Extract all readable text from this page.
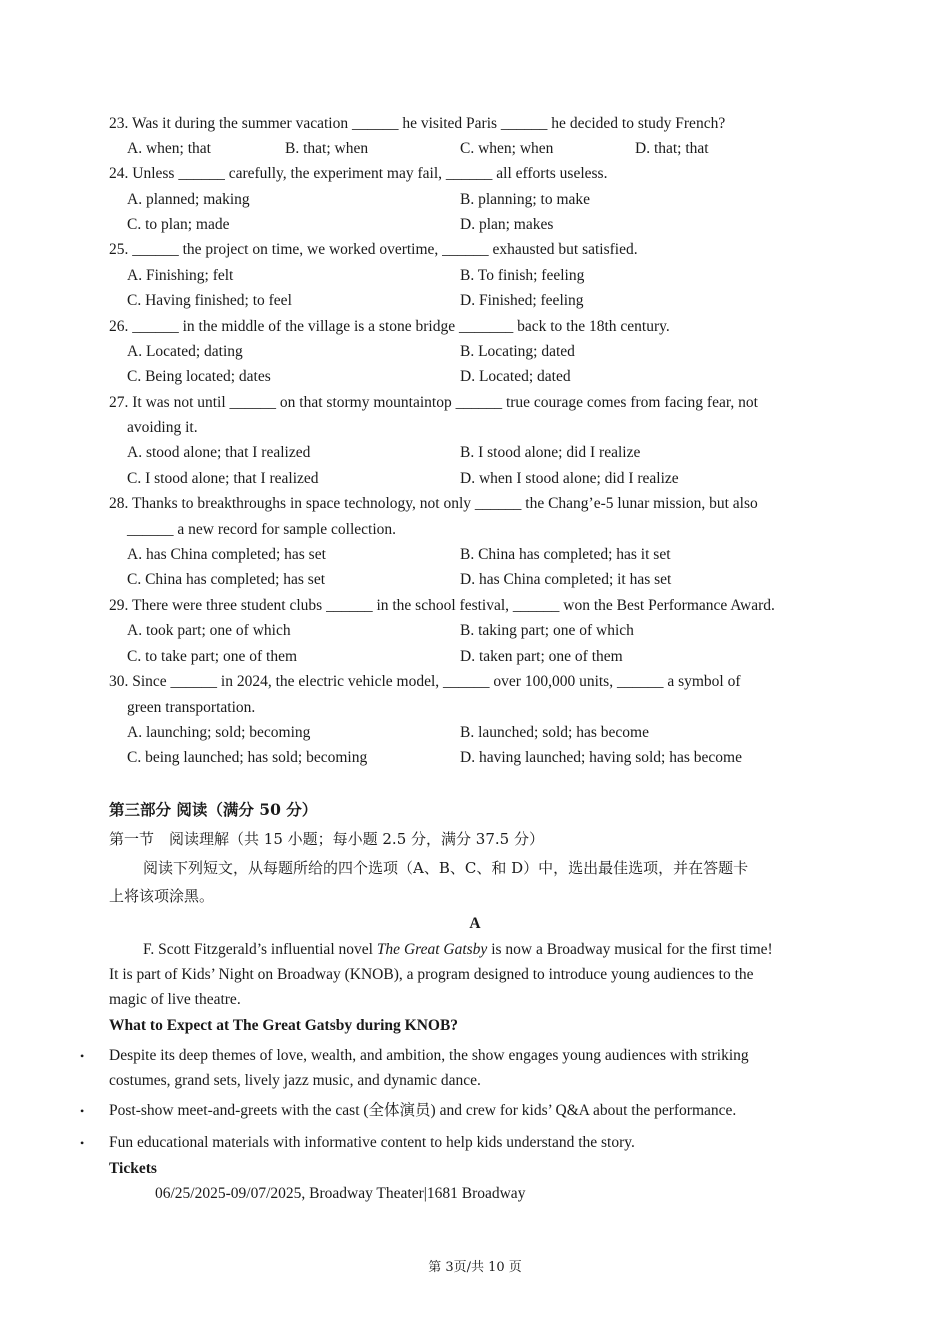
23. Was it during the summer vacation ______ he visited Paris ______ he decided to study French?
A. when; that	B. that; when	C. when; when	D. that; that
24. Unless ______ carefully, the experiment may fail, ______ all efforts useless.
A. planned; making	B. planning; to make
C. to plan; made	D. plan; makes
25. ______ the project on time, we worked overtime, ______ exhausted but satisfied.
A. Finishing; felt	B. To finish; feeling
C. Having finished; to feel	D. Finished; feeling
26. ______ in the middle of the village is a stone bridge _______ back to the 18th century.
A. Located; dating	B. Locating; dated
C. Being located; dates	D. Located; dated
27. It was not until ______ on that stormy mountaintop ______ true courage comes from facing fear, not
avoiding it.
A. stood alone; that I realized	B. I stood alone; did I realize
C. I stood alone; that I realized	D. when I stood alone; did I realize
28. Thanks to breakthroughs in space technology, not only ______ the Chang’e-5 lunar mission, but also
______ a new record for sample collection.
A. has China completed; has set	B. China has completed; has it set
C. China has completed; has set	D. has China completed; it has set
29. There were three student clubs ______ in the school festival, ______ won the Best Performance Award.
A. took part; one of which	B. taking part; one of which
C. to take part; one of them	D. taken part; one of them
30. Since ______ in 2024, the electric vehicle model, ______ over 100,000 units, ______ a symbol of
green transportation.
A. launching; sold; becoming	B. launched; sold; has become
C. being launched; has sold; becoming	D. having launched; having sold; has become
第三部分 阅读（满分 50 分）
第一节　阅读理解（共 15 小题；每小题 2.5 分，满分 37.5 分）
阅读下列短文，从每题所给的四个选项（A、B、C、和 D）中，选出最佳选项，并在答题卡
上将该项涂黑。
A
F. Scott Fitzgerald’s influential novel The Great Gatsby is now a Broadway musical for the first time!
It is part of Kids’ Night on Broadway (KNOB), a program designed to introduce young audiences to the
magic of live theatre.
What to Expect at The Great Gatsby during KNOB?
• Despite its deep themes of love, wealth, and ambition, the show engages young audiences with striking
costumes, grand sets, lively jazz music, and dynamic dance.
• Post-show meet-and-greets with the cast (全体演员) and crew for kids’ Q&A about the performance.
• Fun educational materials with informative content to help kids understand the story.
Tickets
06/25/2025-09/07/2025, Broadway Theater|1681 Broadway
第 3页/共 10 页
